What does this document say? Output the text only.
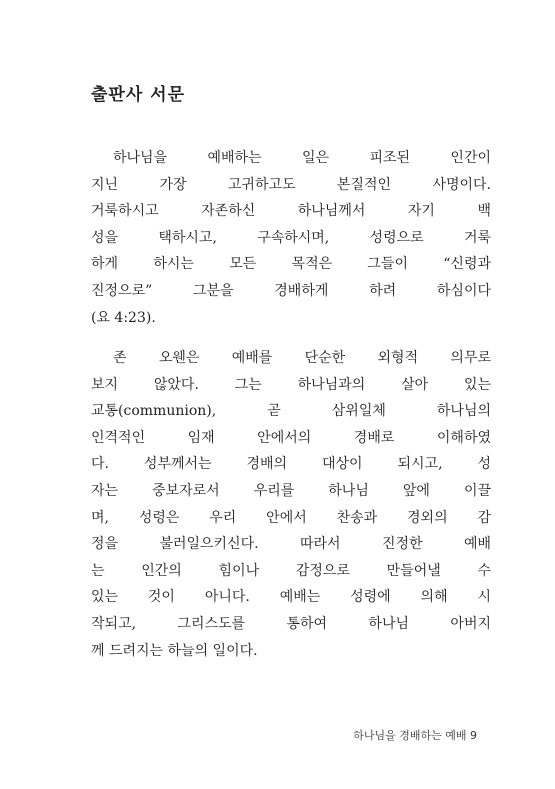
출판사 서문
하나님을 예배하는 일은 피조된 인간이
지닌 가장 고귀하고도 본질적인 사명이다.
거룩하시고 자존하신 하나님께서 자기 백
성을 택하시고, 구속하시며, 성령으로 거룩
하게 하시는 모든 목적은 그들이 “신령과
진정으로” 그분을 경배하게 하려 하심이다
(요 4:23).
존 오웬은 예배를 단순한 외형적 의무로
보지 않았다. 그는 하나님과의 살아 있는
교통(communion), 곧 삼위일체 하나님의
인격적인 임재 안에서의 경배로 이해하였
다. 성부께서는 경배의 대상이 되시고, 성
자는 중보자로서 우리를 하나님 앞에 이끌
며, 성령은 우리 안에서 찬송과 경외의 감
정을 불러일으키신다. 따라서 진정한 예배
는 인간의 힘이나 감정으로 만들어낼 수
있는 것이 아니다. 예배는 성령에 의해 시
작되고, 그리스도를 통하여 하나님 아버지
께 드려지는 하늘의 일이다.
하나님을 경배하는 예배 9
